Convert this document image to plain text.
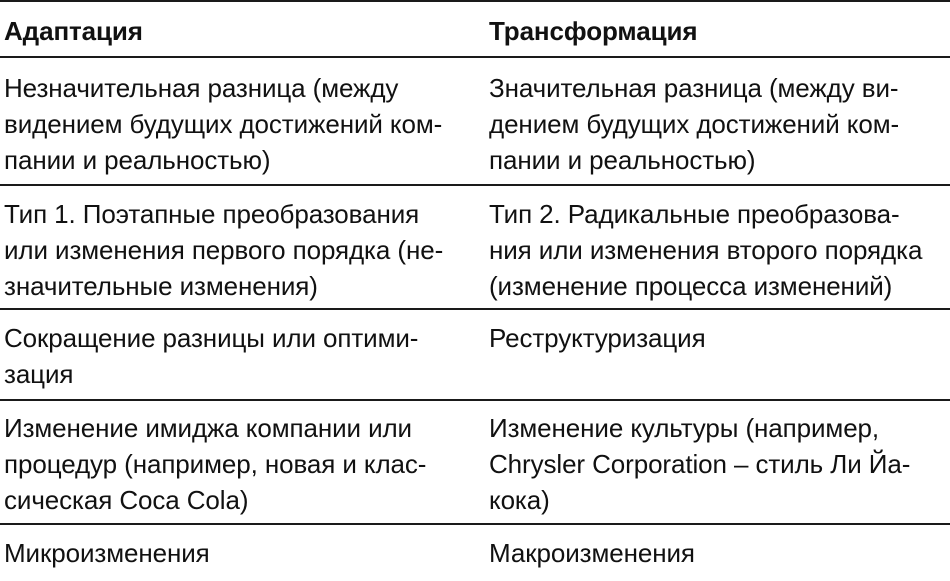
Адаптация	Трансформация
Незначительная разница (между
видением будущих достижений ком-
пании и реальностью)
Значительная разница (между ви-
дением будущих достижений ком-
пании и реальностью)
Тип 1. Поэтапные преобразования
или изменения первого порядка (не-
значительные изменения)
Тип 2. Радикальные преобразова-
ния или изменения второго порядка
(изменение процесса изменений)
Сокращение разницы или оптими-
зация
Реструктуризация
Изменение имиджа компании или
процедур (например, новая и клас-
сическая Coca Cola)
Изменение культуры (например,
Chrysler Corporation – стиль Ли Йа-
кока)
Микроизменения	Макроизменения
